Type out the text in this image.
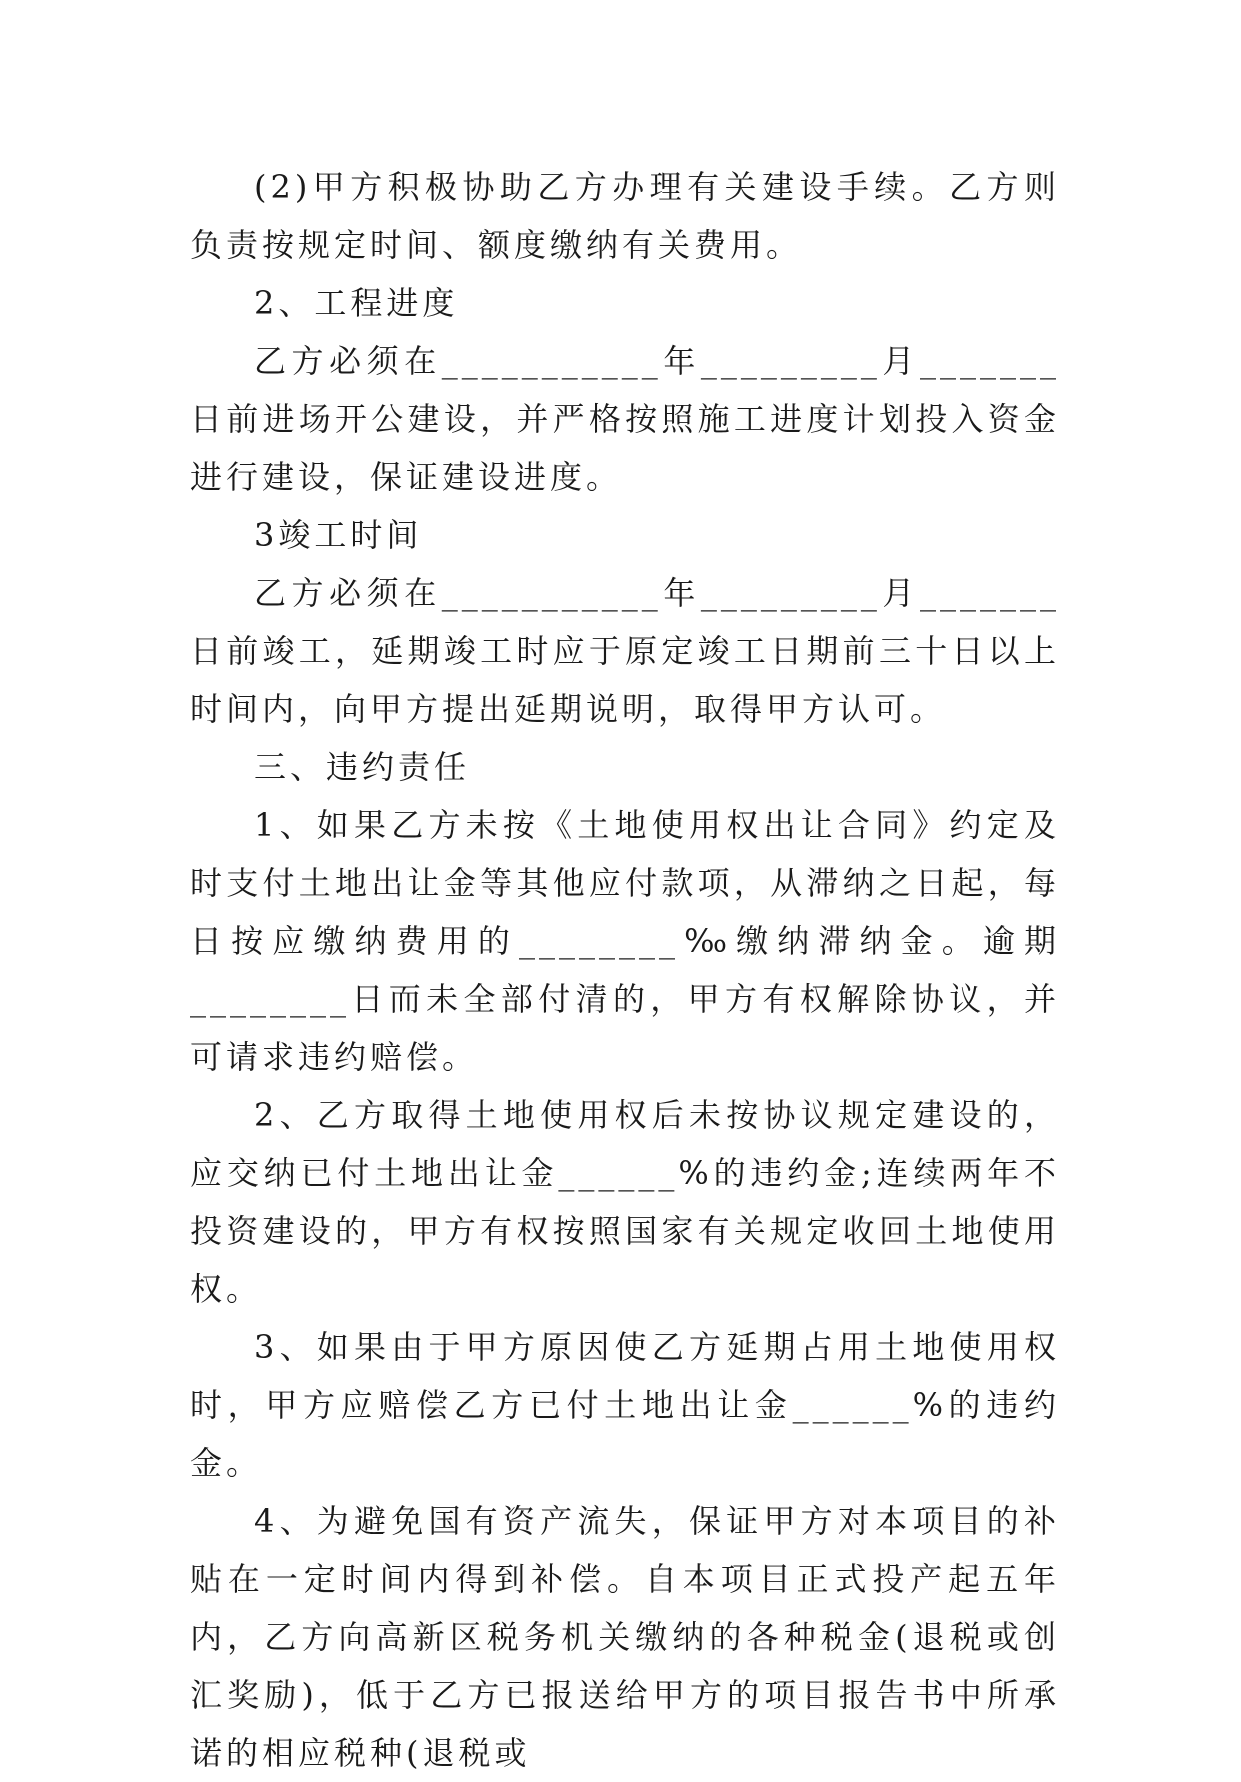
(2)甲方积极协助乙方办理有关建设手续。乙方则负责按规定时间、额度缴纳有关费用。

2、工程进度

乙方必须在___________年_________月_______日前进场开公建设，并严格按照施工进度计划投入资金进行建设，保证建设进度。

3竣工时间

乙方必须在___________年_________月_______日前竣工，延期竣工时应于原定竣工日期前三十日以上时间内，向甲方提出延期说明，取得甲方认可。

三、违约责任

1、如果乙方未按《土地使用权出让合同》约定及时支付土地出让金等其他应付款项，从滞纳之日起，每日按应缴纳费用的________‰缴纳滞纳金。逾期________日而未全部付清的，甲方有权解除协议，并可请求违约赔偿。

2、乙方取得土地使用权后未按协议规定建设的，应交纳已付土地出让金______%的违约金;连续两年不投资建设的，甲方有权按照国家有关规定收回土地使用权。

3、如果由于甲方原因使乙方延期占用土地使用权时，甲方应赔偿乙方已付土地出让金______%的违约金。

4、为避免国有资产流失，保证甲方对本项目的补贴在一定时间内得到补偿。自本项目正式投产起五年内，乙方向高新区税务机关缴纳的各种税金(退税或创汇奖励)，低于乙方已报送给甲方的项目报告书中所承诺的相应税种(退税或
